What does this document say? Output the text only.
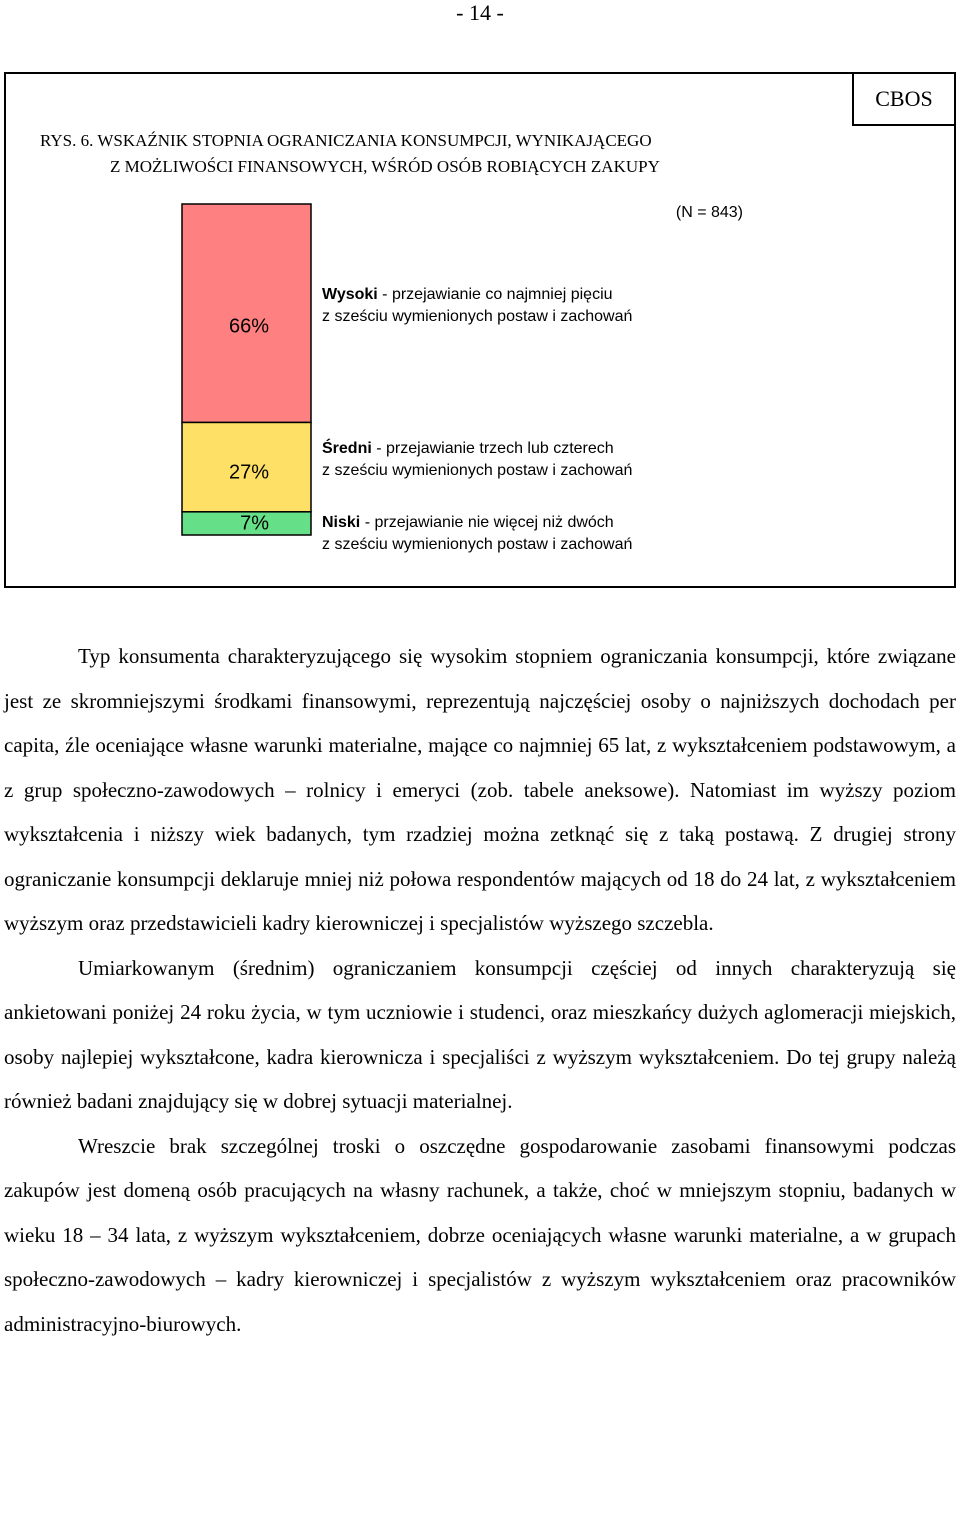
- 14 -
CBOS
RYS. 6. WSKAŹNIK STOPNIA OGRANICZANIA KONSUMPCJI, WYNIKAJĄCEGO
Z MOŻLIWOŚCI FINANSOWYCH, WŚRÓD OSÓB ROBIĄCYCH ZAKUPY
66%
27%
7%
(N = 843)
Wysoki - przejawianie co najmniej pięciu
z sześciu wymienionych postaw i zachowań
Średni - przejawianie trzech lub czterech
z sześciu wymienionych postaw i zachowań
Niski - przejawianie nie więcej niż dwóch
z sześciu wymienionych postaw i zachowań

Typ konsumenta charakteryzującego się wysokim stopniem ograniczania konsumpcji, które związane jest ze skromniejszymi środkami finansowymi, reprezentują najczęściej osoby o najniższych dochodach per capita, źle oceniające własne warunki materialne, mające co najmniej 65 lat, z wykształceniem podstawowym, a z grup społeczno-zawodowych – rolnicy i emeryci (zob. tabele aneksowe). Natomiast im wyższy poziom wykształcenia i niższy wiek badanych, tym rzadziej można zetknąć się z taką postawą. Z drugiej strony ograniczanie konsumpcji deklaruje mniej niż połowa respondentów mających od 18 do 24 lat, z wykształceniem wyższym oraz przedstawicieli kadry kierowniczej i specjalistów wyższego szczebla.

Umiarkowanym (średnim) ograniczaniem konsumpcji częściej od innych charakteryzują się ankietowani poniżej 24 roku życia, w tym uczniowie i studenci, oraz mieszkańcy dużych aglomeracji miejskich, osoby najlepiej wykształcone, kadra kierownicza i specjaliści z wyższym wykształceniem. Do tej grupy należą również badani znajdujący się w dobrej sytuacji materialnej.

Wreszcie brak szczególnej troski o oszczędne gospodarowanie zasobami finansowymi podczas zakupów jest domeną osób pracujących na własny rachunek, a także, choć w mniejszym stopniu, badanych w wieku 18 – 34 lata, z wyższym wykształceniem, dobrze oceniających własne warunki materialne, a w grupach społeczno-zawodowych – kadry kierowniczej i specjalistów z wyższym wykształceniem oraz pracowników administracyjno-biurowych.
